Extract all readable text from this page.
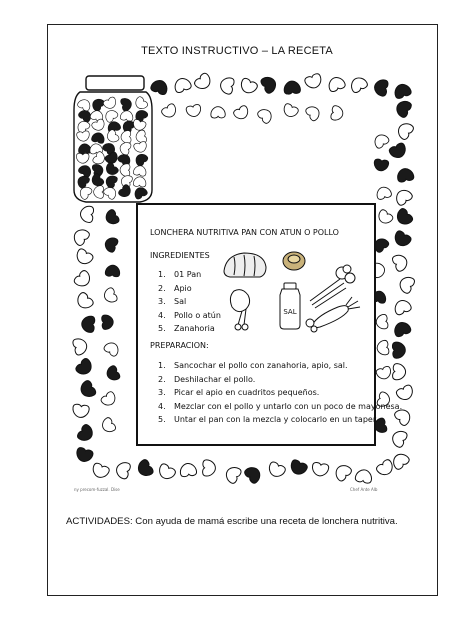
ny precom-fuzzal. Dise	Chef Ante Alb
TEXTO INSTRUCTIVO – LA RECETA
LONCHERA NUTRITIVA PAN CON ATUN O POLLO
INGREDIENTES
1. 01 Pan
2. Apio
3. Sal
4. Pollo o atún
5. Zanahoria
SAL
PREPARACION:
1. Sancochar el pollo con zanahoria, apio, sal.
2. Deshilachar el pollo.
3. Picar el apio en cuadritos pequeños.
4. Mezclar con el pollo y untarlo con un poco de mayonesa.
5. Untar el pan con la mezcla y colocarlo en un taper.
ACTIVIDADES: Con ayuda de mamá escribe una receta de lonchera nutritiva.
